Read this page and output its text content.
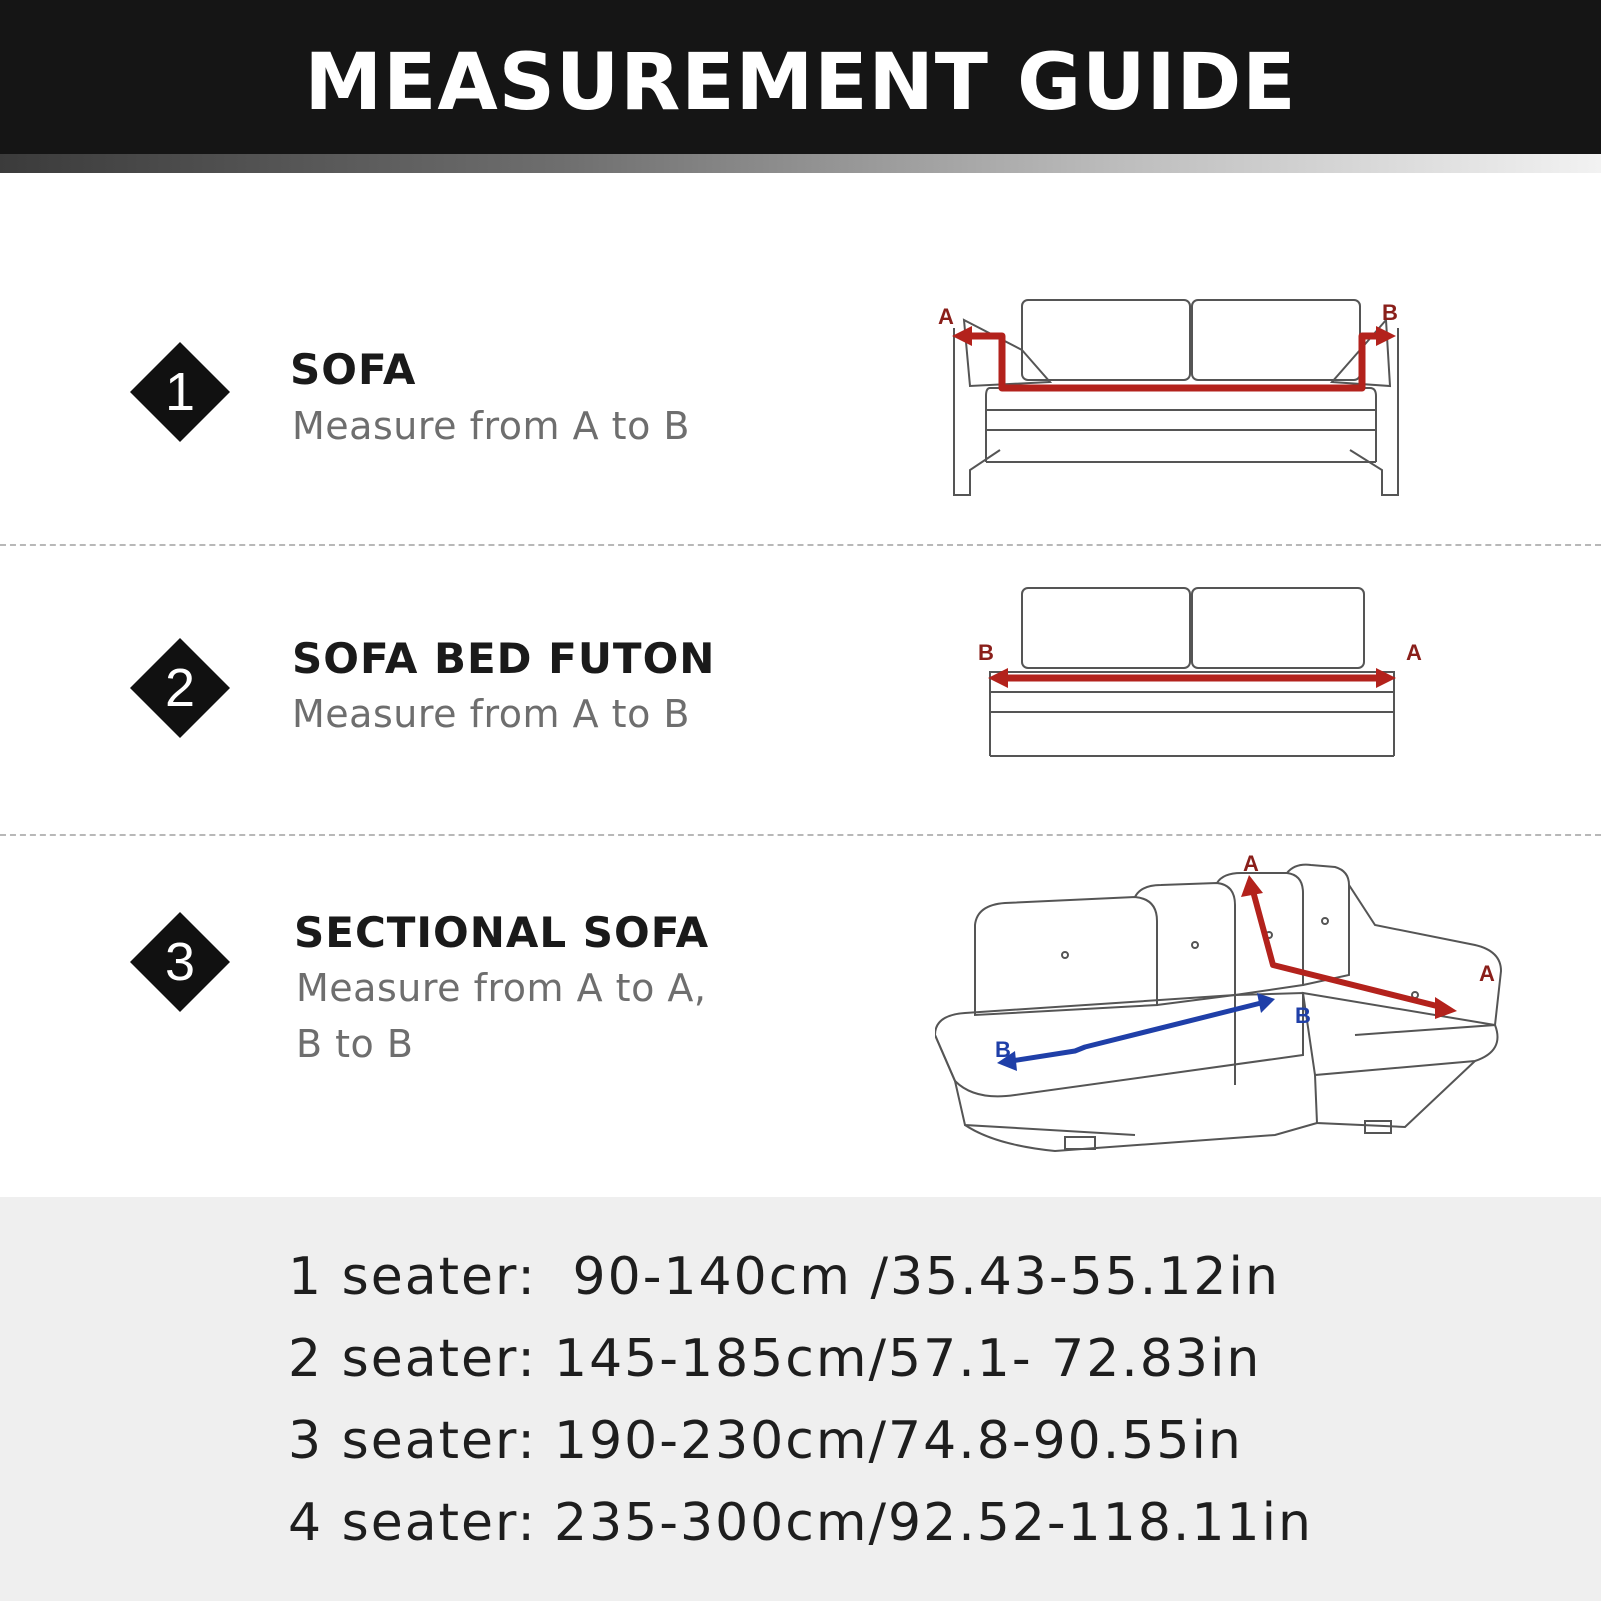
MEASUREMENT GUIDE
1	SOFA
Measure from A to B
A	B
2	SOFA BED FUTON
Measure from A to B
B	A
3	SECTIONAL SOFA
Measure from A to A,
B to B
A
A
B
B
1 seater: 90-140cm /35.43-55.12in
2 seater: 145-185cm/57.1- 72.83in
3 seater: 190-230cm/74.8-90.55in
4 seater: 235-300cm/92.52-118.11in
